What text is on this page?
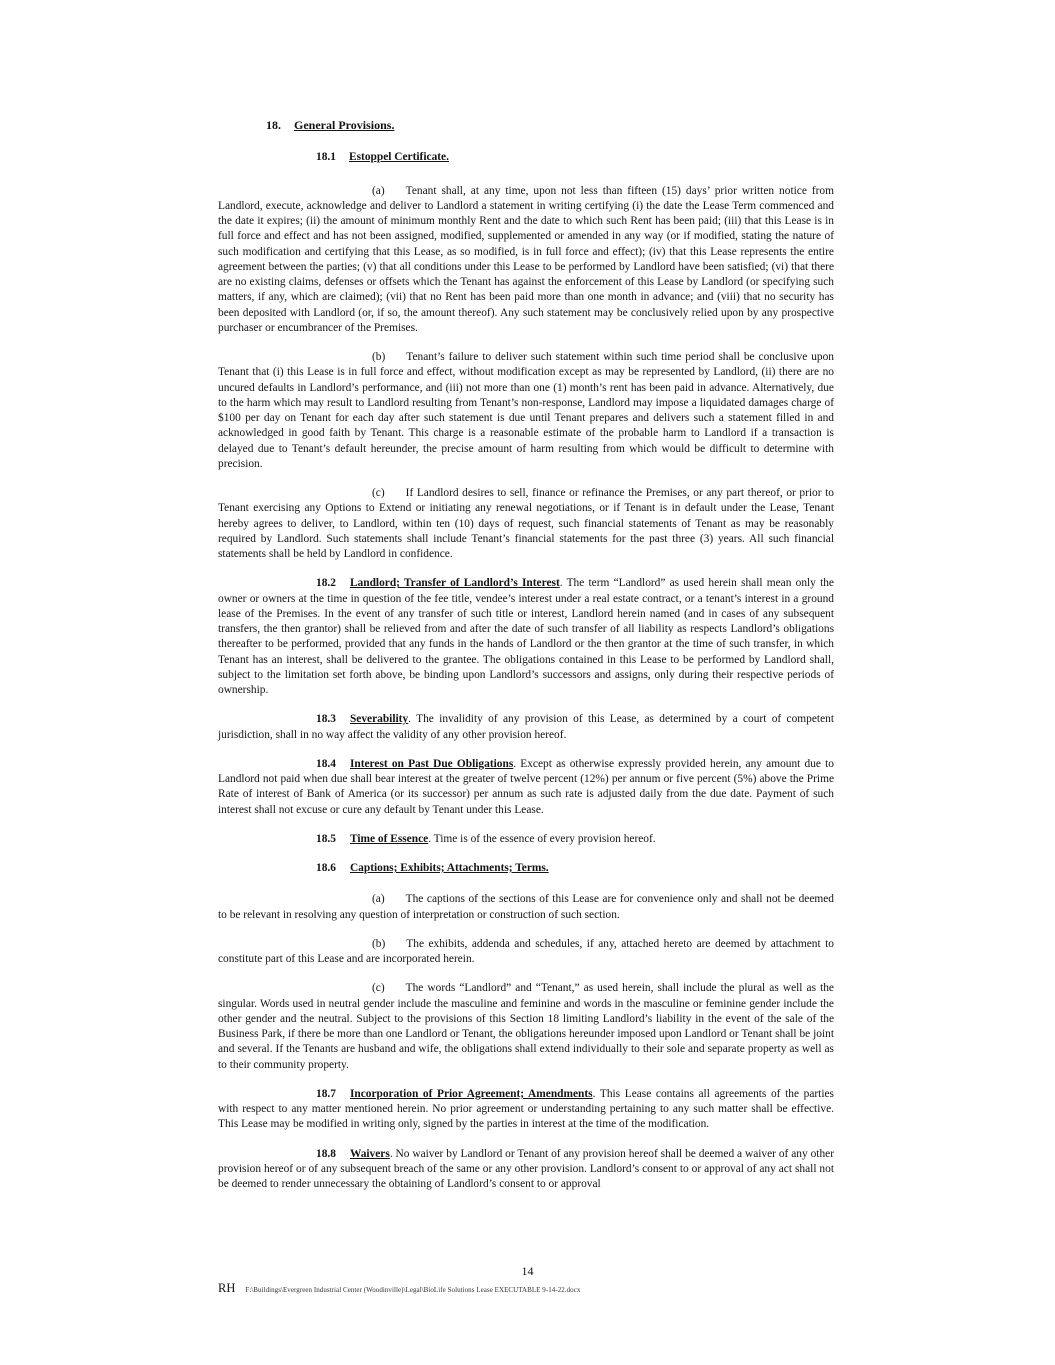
18. General Provisions.
18.1 Estoppel Certificate.

(a) Tenant shall, at any time, upon not less than fifteen (15) days’ prior written notice from Landlord, execute, acknowledge and deliver to Landlord a statement in writing certifying (i) the date the Lease Term commenced and the date it expires; (ii) the amount of minimum monthly Rent and the date to which such Rent has been paid; (iii) that this Lease is in full force and effect and has not been assigned, modified, supplemented or amended in any way (or if modified, stating the nature of such modification and certifying that this Lease, as so modified, is in full force and effect); (iv) that this Lease represents the entire agreement between the parties; (v) that all conditions under this Lease to be performed by Landlord have been satisfied; (vi) that there are no existing claims, defenses or offsets which the Tenant has against the enforcement of this Lease by Landlord (or specifying such matters, if any, which are claimed); (vii) that no Rent has been paid more than one month in advance; and (viii) that no security has been deposited with Landlord (or, if so, the amount thereof). Any such statement may be conclusively relied upon by any prospective purchaser or encumbrancer of the Premises.

(b) Tenant’s failure to deliver such statement within such time period shall be conclusive upon Tenant that (i) this Lease is in full force and effect, without modification except as may be represented by Landlord, (ii) there are no uncured defaults in Landlord’s performance, and (iii) not more than one (1) month’s rent has been paid in advance. Alternatively, due to the harm which may result to Landlord resulting from Tenant’s non-response, Landlord may impose a liquidated damages charge of $100 per day on Tenant for each day after such statement is due until Tenant prepares and delivers such a statement filled in and acknowledged in good faith by Tenant. This charge is a reasonable estimate of the probable harm to Landlord if a transaction is delayed due to Tenant’s default hereunder, the precise amount of harm resulting from which would be difficult to determine with precision.

(c) If Landlord desires to sell, finance or refinance the Premises, or any part thereof, or prior to Tenant exercising any Options to Extend or initiating any renewal negotiations, or if Tenant is in default under the Lease, Tenant hereby agrees to deliver, to Landlord, within ten (10) days of request, such financial statements of Tenant as may be reasonably required by Landlord. Such statements shall include Tenant’s financial statements for the past three (3) years. All such financial statements shall be held by Landlord in confidence.

18.2 Landlord; Transfer of Landlord’s Interest. The term “Landlord” as used herein shall mean only the owner or owners at the time in question of the fee title, vendee’s interest under a real estate contract, or a tenant’s interest in a ground lease of the Premises. In the event of any transfer of such title or interest, Landlord herein named (and in cases of any subsequent transfers, the then grantor) shall be relieved from and after the date of such transfer of all liability as respects Landlord’s obligations thereafter to be performed, provided that any funds in the hands of Landlord or the then grantor at the time of such transfer, in which Tenant has an interest, shall be delivered to the grantee. The obligations contained in this Lease to be performed by Landlord shall, subject to the limitation set forth above, be binding upon Landlord’s successors and assigns, only during their respective periods of ownership.

18.3 Severability. The invalidity of any provision of this Lease, as determined by a court of competent jurisdiction, shall in no way affect the validity of any other provision hereof.

18.4 Interest on Past Due Obligations. Except as otherwise expressly provided herein, any amount due to Landlord not paid when due shall bear interest at the greater of twelve percent (12%) per annum or five percent (5%) above the Prime Rate of interest of Bank of America (or its successor) per annum as such rate is adjusted daily from the due date. Payment of such interest shall not excuse or cure any default by Tenant under this Lease.

18.5 Time of Essence. Time is of the essence of every provision hereof.

18.6 Captions; Exhibits; Attachments; Terms.

(a) The captions of the sections of this Lease are for convenience only and shall not be deemed to be relevant in resolving any question of interpretation or construction of such section.

(b) The exhibits, addenda and schedules, if any, attached hereto are deemed by attachment to constitute part of this Lease and are incorporated herein.

(c) The words “Landlord” and “Tenant,” as used herein, shall include the plural as well as the singular. Words used in neutral gender include the masculine and feminine and words in the masculine or feminine gender include the other gender and the neutral. Subject to the provisions of this Section 18 limiting Landlord’s liability in the event of the sale of the Business Park, if there be more than one Landlord or Tenant, the obligations hereunder imposed upon Landlord or Tenant shall be joint and several. If the Tenants are husband and wife, the obligations shall extend individually to their sole and separate property as well as to their community property.

18.7 Incorporation of Prior Agreement; Amendments. This Lease contains all agreements of the parties with respect to any matter mentioned herein. No prior agreement or understanding pertaining to any such matter shall be effective. This Lease may be modified in writing only, signed by the parties in interest at the time of the modification.

18.8 Waivers. No waiver by Landlord or Tenant of any provision hereof shall be deemed a waiver of any other provision hereof or of any subsequent breach of the same or any other provision. Landlord’s consent to or approval of any act shall not be deemed to render unnecessary the obtaining of Landlord’s consent to or approval

14
RH F:\Buildings\Evergreen Industrial Center (Woodinville)\Legal\BioLife Solutions Lease EXECUTABLE 9-14-22.docx
